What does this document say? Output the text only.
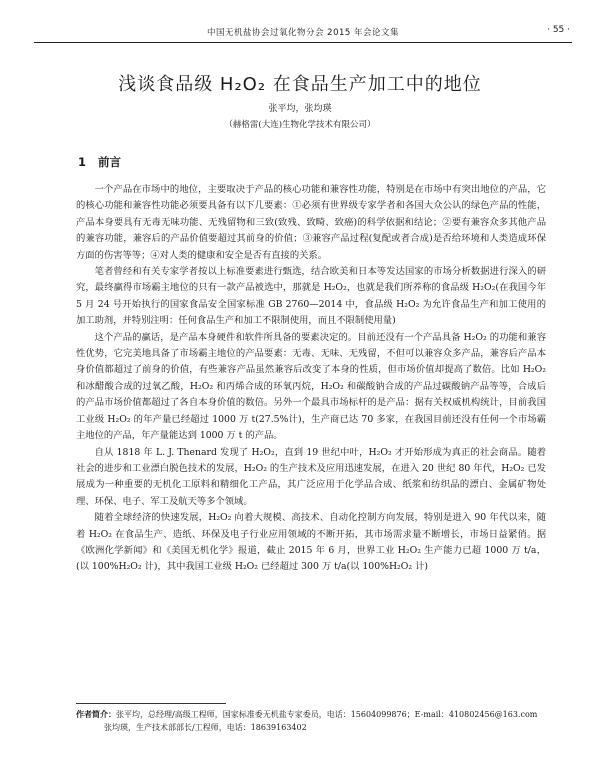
中国无机盐协会过氧化物分会 2015 年会论文集	· 55 ·
浅谈食品级 H₂O₂ 在食品生产加工中的地位
张平均，张均瑛
（赫格雷(大连)生物化学技术有限公司）
1 前言

一个产品在市场中的地位，主要取决于产品的核心功能和兼容性功能，特别是在市场中有突出地位的产品，它的核心功能和兼容性功能必须要具备有以下几要素：①必须有世界级专家学者和各国大众公认的绿色产品的性能，产品本身要具有无毒无味功能、无残留物和三致(致残、致畸、致癌)的科学依据和结论；②要有兼容众多其他产品的兼容功能，兼容后的产品价值要超过其前身的价值；③兼容产品过程(复配或者合成)是否给环境和人类造成环保方面的伤害等等；④对人类的健康和安全是否有直接的关系。

笔者曾经和有关专家学者按以上标准要素进行甄选，结合欧美和日本等发达国家的市场分析数据进行深入的研究，最终赢得市场霸主地位的只有一款产品被选中，那就是 H₂O₂，也就是我们所养称的食品级 H₂O₂(在我国今年 5 月 24 号开始执行的国家食品安全国家标准 GB 2760—2014 中，食品级 H₂O₂ 为允许食品生产和加工使用的加工助剂，并特别注明：任何食品生产和加工不限制使用，而且不限制使用量)

这个产品的赢话，是产品本身硬件和软件所具备的要素决定的。目前还没有一个产品具备 H₂O₂ 的功能和兼容性优势，它完美地具备了市场霸主地位的产品要素：无毒、无味、无残留，不但可以兼容众多产品，兼容后产品本身价值都超过了前身的价值，有些兼容产品虽然兼容后改变了本身的性质，但市场价值却提高了数倍。比如 H₂O₂ 和冰醋酸合成的过氧乙酸，H₂O₂ 和丙烯合成的环氧丙烷，H₂O₂ 和碳酸钠合成的产品过碳酸钠产品等等，合成后的产品市场价值都超过了各自本身价值的数倍。另外一个最具市场标杆的是产品：据有关权威机构统计，目前我国工业级 H₂O₂ 的年产量已经超过 1000 万 t(27.5%计)，生产商已达 70 多家，在我国目前还没有任何一个市场霸主地位的产品，年产量能达到 1000 万 t 的产品。

自从 1818 年 L. J. Thenard 发现了 H₂O₂，直到 19 世纪中叶，H₂O₂ 才开始形成为真正的社会商品。随着社会的进步和工业漂白脱色技术的发展，H₂O₂ 的生产技术及应用迅速发展，在进入 20 世纪 80 年代，H₂O₂ 已发展成为一种重要的无机化工原料和精细化工产品，其广泛应用于化学品合成、纸浆和纺织品的漂白、金属矿物处理、环保、电子、军工及航天等多个领域。

随着全球经济的快速发展，H₂O₂ 向着大规模、高技术、自动化控制方向发展，特别是进入 90 年代以来，随着 H₂O₂ 在食品生产、造纸、环保及电子行业应用领域的不断开拓，其市场需求量不断增长，市场日益紧俏。据《欧洲化学新闻》和《美国无机化学》报道，截止 2015 年 6 月，世界工业 H₂O₂ 生产能力已超 1000 万 t/a，(以 100%H₂O₂ 计)，其中我国工业级 H₂O₂ 已经超过 300 万 t/a(以 100%H₂O₂ 计)

作者简介：张平均，总经理/高级工程师，国家标准委无机盐专家委员，电话：15604099876；E-mail：410802456@163.com
张均瑛，生产技术部部长/工程师，电话：18639163402
